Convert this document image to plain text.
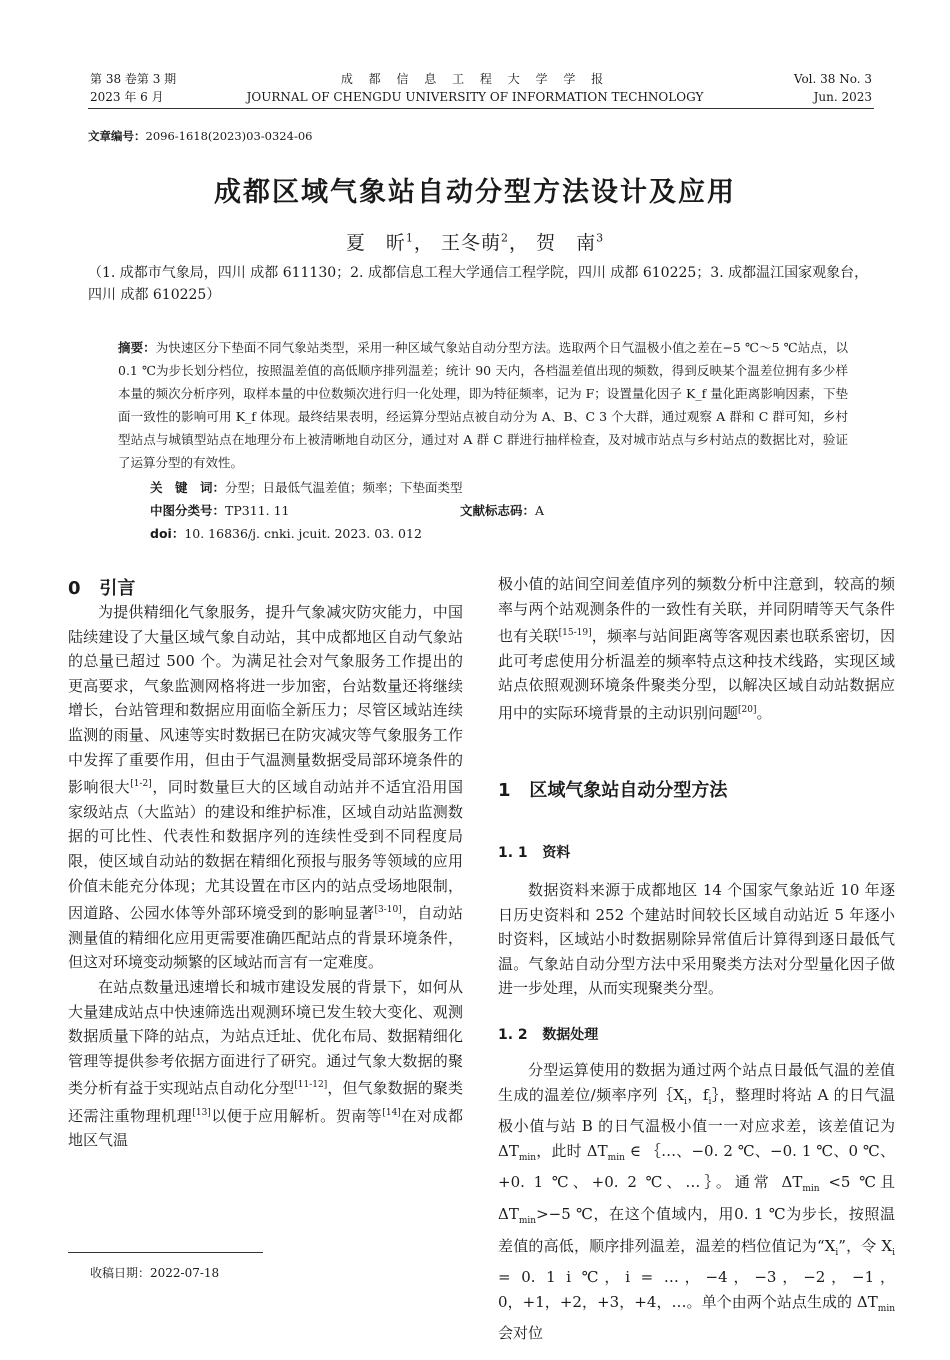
第 38 卷第 3 期
2023 年 6 月
成 都 信 息 工 程 大 学 学 报
JOURNAL OF CHENGDU UNIVERSITY OF INFORMATION TECHNOLOGY
Vol. 38 No. 3
Jun. 2023
文章编号：2096-1618(2023)03-0324-06
成都区域气象站自动分型方法设计及应用
夏　昕$^1$， 王冬萌$^2$， 贺　南$^3$
（1. 成都市气象局，四川 成都 611130；2. 成都信息工程大学通信工程学院，四川 成都 610225；3. 成都温江国家观象台，四川 成都 610225）
摘要：为快速区分下垫面不同气象站类型，采用一种区域气象站自动分型方法。选取两个日气温极小值之差在−5 ℃～5 ℃站点，以0.1 ℃为步长划分档位，按照温差值的高低顺序排列温差；统计 90 天内，各档温差值出现的频数，得到反映某个温差位拥有多少样本量的频次分析序列，取样本量的中位数频次进行归一化处理，即为特征频率，记为 F；设置量化因子 K_f 量化距离影响因素，下垫面一致性的影响可用 K_f 体现。最终结果表明，经运算分型站点被自动分为 A、B、C 3 个大群，通过观察 A 群和 C 群可知，乡村型站点与城镇型站点在地理分布上被清晰地自动区分，通过对 A 群 C 群进行抽样检查，及对城市站点与乡村站点的数据比对，验证了运算分型的有效性。
关　键　词：分型；日最低气温差值；频率；下垫面类型
中图分类号：TP311. 11	文献标志码：A
doi：10. 16836/j. cnki. jcuit. 2023. 03. 012
0 引言

为提供精细化气象服务，提升气象减灾防灾能力，中国陆续建设了大量区域气象自动站，其中成都地区自动气象站的总量已超过 500 个。为满足社会对气象服务工作提出的更高要求，气象监测网格将进一步加密，台站数量还将继续增长，台站管理和数据应用面临全新压力；尽管区域站连续监测的雨量、风速等实时数据已在防灾减灾等气象服务工作中发挥了重要作用，但由于气温测量数据受局部环境条件的影响很大[1-2]，同时数量巨大的区域自动站并不适宜沿用国家级站点（大监站）的建设和维护标准，区域自动站监测数据的可比性、代表性和数据序列的连续性受到不同程度局限，使区域自动站的数据在精细化预报与服务等领域的应用价值未能充分体现；尤其设置在市区内的站点受场地限制，因道路、公园水体等外部环境受到的影响显著[3-10]，自动站测量值的精细化应用更需要准确匹配站点的背景环境条件，但这对环境变动频繁的区域站而言有一定难度。

在站点数量迅速增长和城市建设发展的背景下，如何从大量建成站点中快速筛选出观测环境已发生较大变化、观测数据质量下降的站点，为站点迁址、优化布局、数据精细化管理等提供参考依据方面进行了研究。通过气象大数据的聚类分析有益于实现站点自动化分型[11-12]，但气象数据的聚类还需注重物理机理[13]以便于应用解析。贺南等[14]在对成都地区气温

极小值的站间空间差值序列的频数分析中注意到，较高的频率与两个站观测条件的一致性有关联，并同阴晴等天气条件也有关联[15-19]，频率与站间距离等客观因素也联系密切，因此可考虑使用分析温差的频率特点这种技术线路，实现区域站点依照观测环境条件聚类分型，以解决区域自动站数据应用中的实际环境背景的主动识别问题[20]。

1 区域气象站自动分型方法
1. 1 资料

数据资料来源于成都地区 14 个国家气象站近 10 年逐日历史资料和 252 个建站时间较长区域自动站近 5 年逐小时资料，区域站小时数据剔除异常值后计算得到逐日最低气温。气象站自动分型方法中采用聚类方法对分型量化因子做进一步处理，从而实现聚类分型。

1. 2 数据处理

分型运算使用的数据为通过两个站点日最低气温的差值生成的温差位/频率序列$\{X_i$，$f_i\}$，整理时将站 A 的日气温极小值与站 B 的日气温极小值一一对应求差，该差值记为 $\Delta T_{min}$，此时 $\Delta T_{min}$ ∈ ｛…、−0. 2 ℃、−0. 1 ℃、0 ℃、+0. 1 ℃、+0. 2 ℃、…｝。通常 $\Delta T_{min} <5$ ℃且 $\Delta T_{min}>-5$ ℃，在这个值域内，用0. 1 ℃为步长，按照温差值的高低，顺序排列温差，温差的档位值记为“$X_i$”，令 $X_i = 0$. 1 i ℃，i = …，−4，−3，−2，−1，0，+1，+2，+3，+4，…。单个由两个站点生成的 $\Delta T_{min}$会对位

收稿日期：2022-07-18
